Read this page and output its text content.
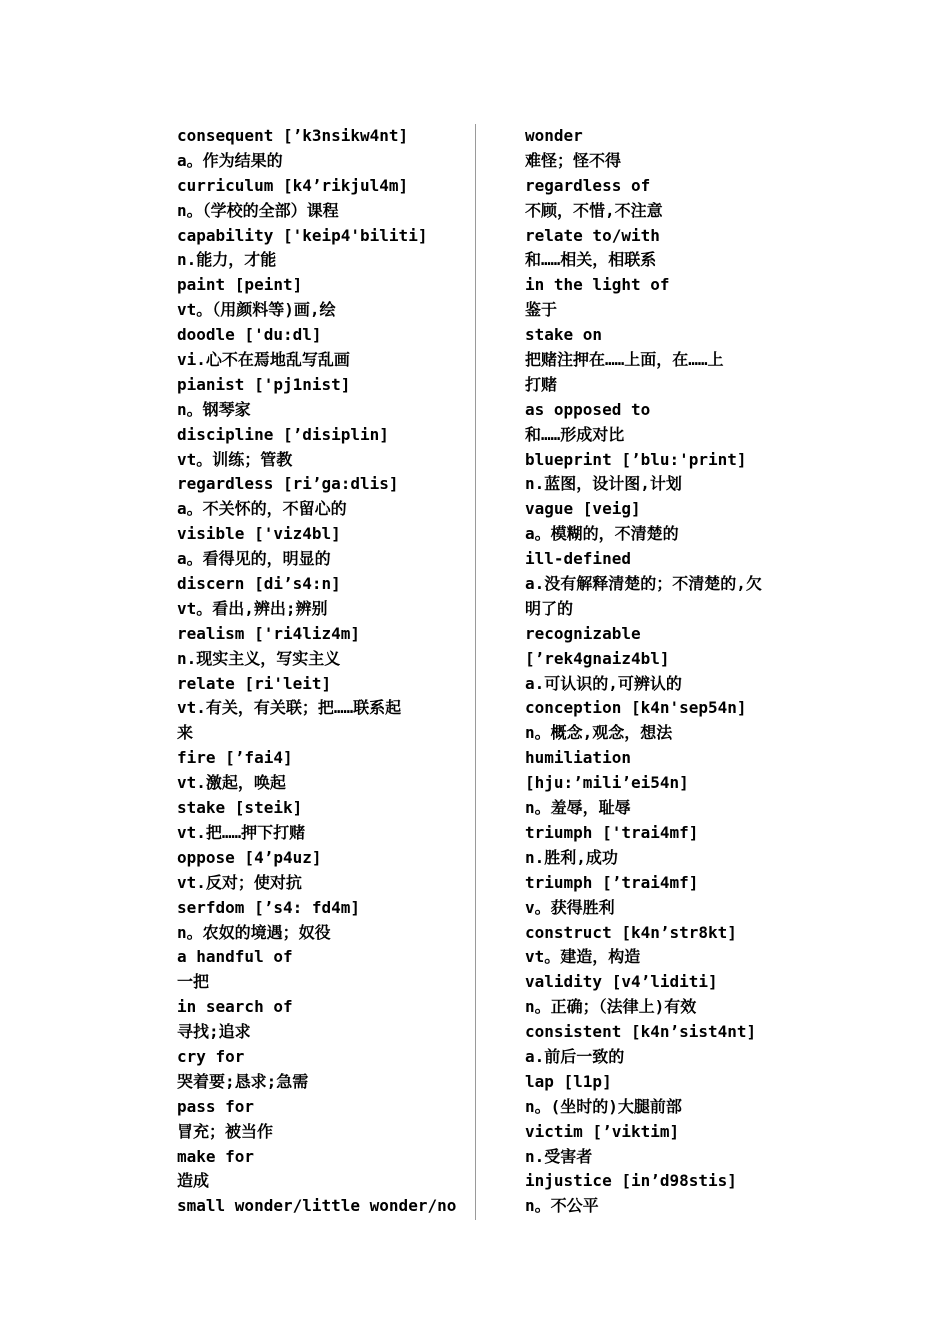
consequent [’k3nsikw4nt]
a。作为结果的
curriculum [k4’rikjul4m]
n。（学校的全部）课程
capability ['keip4'biliti]
n.能力，才能
paint [peint]
vt。（用颜料等)画,绘
doodle ['du:dl]
vi.心不在焉地乱写乱画
pianist ['pj1nist]
n。钢琴家
discipline [’disiplin]
vt。训练；管教
regardless [ri’ga:dlis]
a。不关怀的，不留心的
visible ['viz4bl]
a。看得见的，明显的
discern [di’s4:n]
vt。看出,辨出;辨别
realism ['ri4liz4m]
n.现实主义，写实主义
relate [ri'leit]
vt.有关，有关联；把……联系起
来
fire [’fai4]
vt.激起，唤起
stake [steik]
vt.把……押下打赌
oppose [4’p4uz]
vt.反对；使对抗
serfdom [’s4: fd4m]
n。农奴的境遇；奴役
a handful of
一把
in search of
寻找;追求
cry for
哭着要;恳求;急需
pass for
冒充；被当作
make for
造成
small wonder/little wonder/no
wonder
难怪；怪不得
regardless of
不顾，不惜,不注意
relate to/with
和……相关，相联系
in the light of
鉴于
stake on
把赌注押在……上面，在……上
打赌
as opposed to
和……形成对比
blueprint [’blu:'print]
n.蓝图，设计图,计划
vague [veig]
a。模糊的，不清楚的
ill-defined
a.没有解释清楚的；不清楚的,欠
明了的
recognizable
[’rek4gnaiz4bl]
a.可认识的,可辨认的
conception [k4n'sep54n]
n。概念,观念，想法
humiliation
[hju:’mili’ei54n]
n。羞辱，耻辱
triumph ['trai4mf]
n.胜利,成功
triumph [’trai4mf]
v。获得胜利
construct [k4n’str8kt]
vt。建造，构造
validity [v4’liditi]
n。正确；（法律上)有效
consistent [k4n’sist4nt]
a.前后一致的
lap [l1p]
n。(坐时的)大腿前部
victim [’viktim]
n.受害者
injustice [in’d98stis]
n。不公平
